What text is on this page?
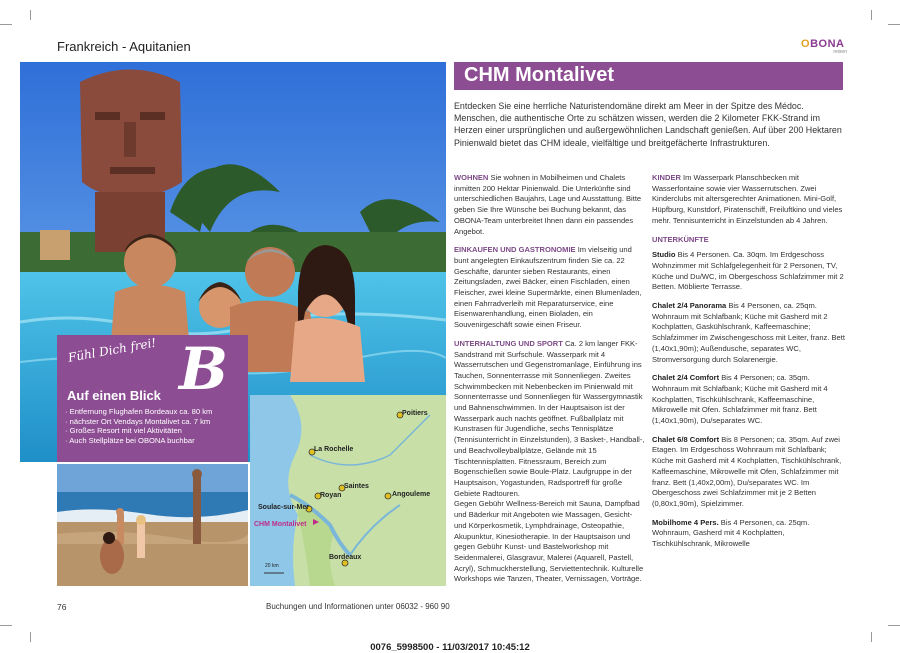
Frankreich - Aquitanien	OBONA
reisen
Fühl Dich frei! B
Auf einen Blick
· Entfernung Flughafen Bordeaux ca. 80 km
· nächster Ort Vendays Montalivet ca. 7 km
· Großes Resort mit viel Aktivitäten
· Auch Stellplätze bei OBONA buchbar
Poitiers
La Rochelle
Saintes
Royan	Angouleme
Soulac-sur-Mer
CHM Montalivet
Bordeaux
20 km
CHM Montalivet
Entdecken Sie eine herrliche Naturistendomäne direkt am Meer in der Spitze des Médoc. Menschen, die authentische Orte zu schätzen wissen, werden die 2 Kilometer FKK-Strand im Herzen einer ursprünglichen und außergewöhnlichen Landschaft genießen. Auf über 200 Hektaren Pinienwald bietet das CHM ideale, vielfältige und breitgefächerte Infrastrukturen.

WOHNEN Sie wohnen in Mobilheimen und Chalets inmitten 200 Hektar Pinienwald. Die Unterkünfte sind unterschiedlichen Baujahrs, Lage und Ausstattung. Bitte geben Sie Ihre Wünsche bei Buchung bekannt, das OBONA-Team unterbreitet Ihnen dann ein passendes Angebot.

EINKAUFEN UND GASTRONOMIE Im vielseitig und bunt angelegten Einkaufszentrum finden Sie ca. 22 Geschäfte, darunter sieben Restaurants, einen Zeitungsladen, zwei Bäcker, einen Fischladen, einen Fleischer, zwei kleine Supermärkte, einen Blumenladen, einen Fahrradverleih mit Reparaturservice, eine Eisenwarenhandlung, einen Bioladen, ein Souvenirgeschäft sowie einen Friseur.

UNTERHALTUNG UND SPORT Ca. 2 km langer FKK-Sandstrand mit Surfschule. Wasserpark mit 4 Wasserrutschen und Gegenstromanlage, Einführung ins Tauchen, Sonnenterrasse mit Sonnenliegen. Zweites Schwimmbecken mit Nebenbecken im Pinienwald mit Sonnenterrasse und Sonnenliegen für Wassergymnastik und Bahnenschwimmen. In der Hauptsaison ist der Wasserpark auch nachts geöffnet. Fußballplatz mit Kunstrasen für Jugendliche, sechs Tennisplätze (Tennisunterricht in Einzelstunden), 3 Basket-, Handball-, und Beachvolleyballplätze, Gelände mit 15 Tischtennisplatten. Fitnessraum, Bereich zum Bogenschießen sowie Boule-Platz. Laufgruppe in der Hauptsaison, Yogastunden, Radsportreff für große Gebiete Radtouren.

Gegen Gebühr Wellness-Bereich mit Sauna, Dampfbad und Bäderkur mit Angeboten wie Massagen, Gesicht- und Körperkosmetik, Lymphdrainage, Osteopathie, Akupunktur, Kinesiotherapie. In der Hauptsaison und gegen Gebühr Kunst- und Bastelworkshop mit Seidenmalerei, Glasgravur, Malerei (Aquarell, Pastell, Acryl), Schmuckherstellung, Serviettentechnik. Kulturelle Workshops wie Tanzen, Theater, Vernissagen, Vorträge.

KINDER Im Wasserpark Planschbecken mit Wasserfontaine sowie vier Wasserrutschen. Zwei Kinderclubs mit altersgerechter Animationen. Mini-Golf, Hüpfburg, Kunstdorf, Piratenschiff, Freiluftkino und vieles mehr. Tennisunterricht in Einzelstunden ab 4 Jahren.

UNTERKÜNFTE

Studio Bis 4 Personen. Ca. 30qm. Im Erdgeschoss Wohnzimmer mit Schlafgelegenheit für 2 Personen, TV, Küche und Du/WC, im Obergeschoss Schlafzimmer mit 2 Betten. Möblierte Terrasse.

Chalet 2/4 Panorama Bis 4 Personen, ca. 25qm. Wohnraum mit Schlafbank; Küche mit Gasherd mit 2 Kochplatten, Gaskühlschrank, Kaffeemaschine; Schlafzimmer im Zwischengeschoss mit Leiter, franz. Bett (1,40x1,90m); Außendusche, separates WC, Stromversorgung durch Solarenergie.

Chalet 2/4 Comfort Bis 4 Personen; ca. 35qm. Wohnraum mit Schlafbank; Küche mit Gasherd mit 4 Kochplatten, Tischkühlschrank, Kaffeemaschine, Mikrowelle mit Ofen. Schlafzimmer mit franz. Bett (1,40x1,90m), Du/separates WC.

Chalet 6/8 Comfort Bis 8 Personen; ca. 35qm. Auf zwei Etagen. Im Erdgeschoss Wohnraum mit Schlafbank; Küche mit Gasherd mit 4 Kochplatten, Tischkühlschrank, Kaffeemaschine, Mikrowelle mit Ofen, Schlafzimmer mit franz. Bett (1,40x2,00m), Du/separates WC. Im Obergeschoss zwei Schlafzimmer mit je 2 Betten (0,80x1,90m), Spielzimmer.

Mobilhome 4 Pers. Bis 4 Personen, ca. 25qm. Wohnraum, Gasherd mit 4 Kochplatten, Tischkühlschrank, Mikrowelle

76	Buchungen und Informationen unter 06032 - 960 90
0076_5998500 - 11/03/2017 10:45:12
